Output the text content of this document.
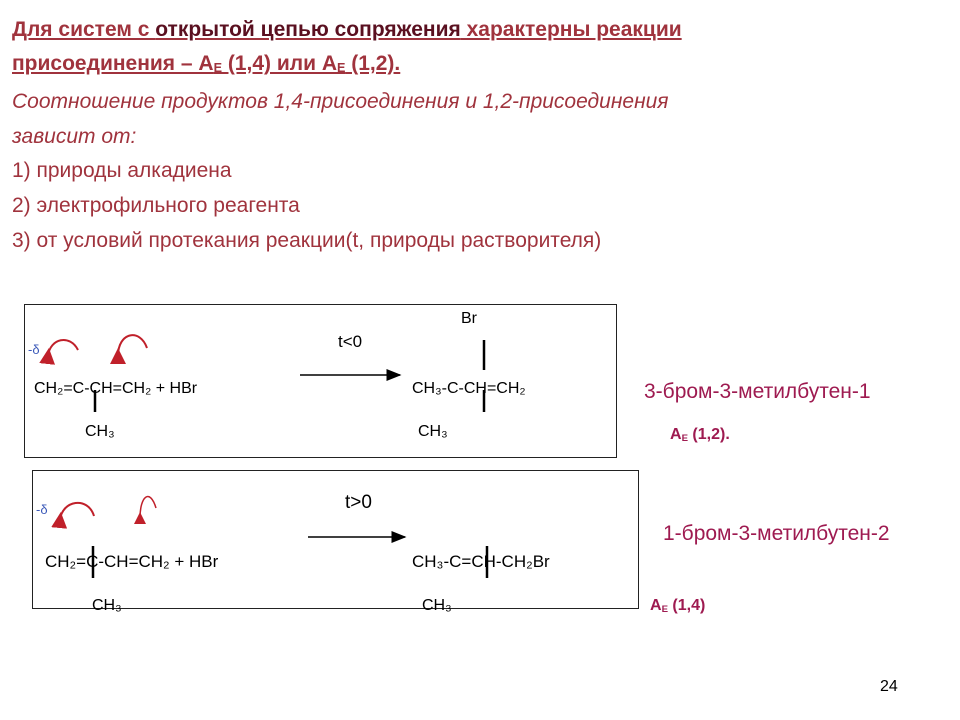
Для систем с открытой цепью сопряжения характерны реакции
присоединения – $А_Е$ (1,4) или $А_Е$ (1,2).
Соотношение продуктов 1,4-присоединения и 1,2-присоединения
зависит от:
1) природы алкадиена
2) электрофильного реагента
3) от условий протекания реакции(t, природы растворителя)
-δ	t<0
Br
CH₂=C-CH=CH₂ + HBr
CH₃
CH₃-C-CH=CH₂
CH₃
3-бром-3-метилбутен-1
$А_Е$ (1,2).
-δ	t>0
CH₂=C-CH=CH₂ + HBr
CH₃
CH₃-C=CH-CH₂Br
CH₃
1-бром-3-метилбутен-2
$А_Е$ (1,4)
24
